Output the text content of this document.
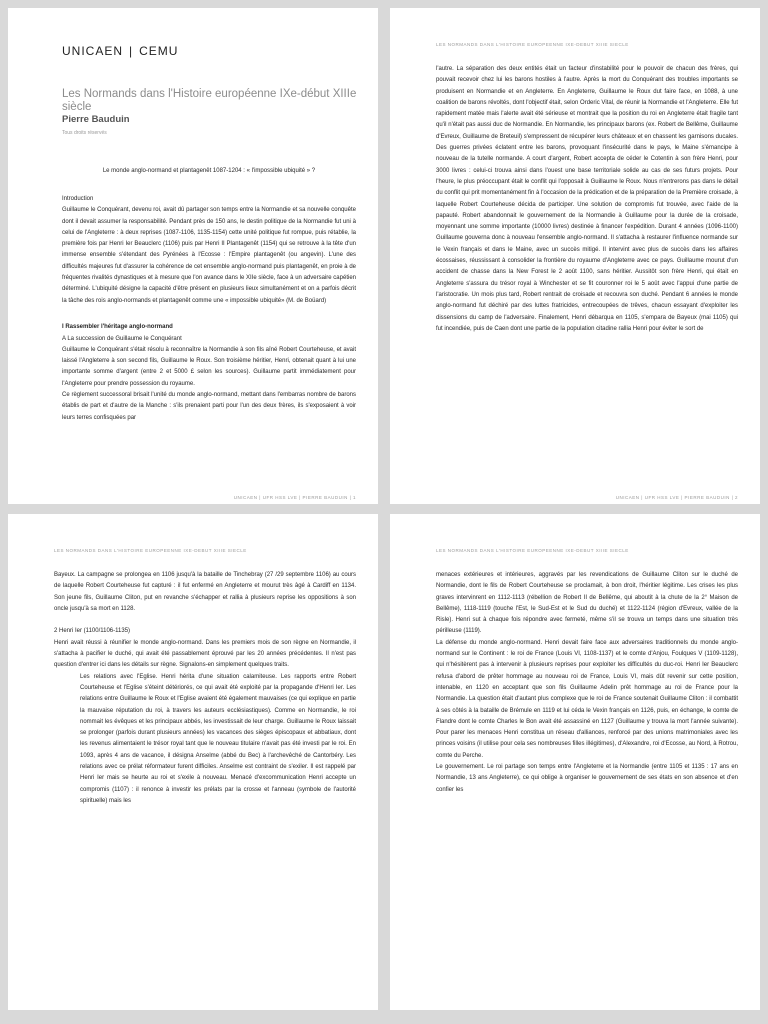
UNICAEN | CEMU
Les Normands dans l'Histoire européenne IXe-début XIIIe siècle
Pierre Bauduin
Tous droits réservés
Le monde anglo-normand et plantagenêt 1087-1204 : « l'impossible ubiquité » ?

Introduction

Guillaume le Conquérant, devenu roi, avait dû partager son temps entre la Normandie et sa nouvelle conquête dont il devait assumer la responsabilité. Pendant près de 150 ans, le destin politique de la Normandie fut uni à celui de l'Angleterre : à deux reprises (1087-1106, 1135-1154) cette unité politique fut rompue, puis rétablie, la première fois par Henri Ier Beauclerc (1106) puis par Henri II Plantagenêt (1154) qui se retrouve à la tête d'un immense ensemble s'étendant des Pyrénées à l'Ecosse : l'Empire plantagenêt (ou angevin). L'une des difficultés majeures fut d'assurer la cohérence de cet ensemble anglo-normand puis plantagenêt, en proie à de fréquentes rivalités dynastiques et à mesure que l'on avance dans le XIIe siècle, face à un adversaire capétien déterminé. L'ubiquité désigne la capacité d'être présent en plusieurs lieux simultanément et on a parfois décrit la tâche des rois anglo-normands et plantagenêt comme une « impossible ubiquité» (M. de Boüard)

I Rassembler l'héritage anglo-normand

A La succession de Guillaume le Conquérant

Guillaume le Conquérant s'était résolu à reconnaître la Normandie à son fils aîné Robert Courteheuse, et avait laissé l'Angleterre à son second fils, Guillaume le Roux. Son troisième héritier, Henri, obtenait quant à lui une importante somme d'argent (entre 2 et 5000 £ selon les sources). Guillaume partit immédiatement pour l'Angleterre pour prendre possession du royaume.

Ce règlement successoral brisait l'unité du monde anglo-normand, mettant dans l'embarras nombre de barons établis de part et d'autre de la Manche : s'ils prenaient parti pour l'un des deux frères, ils s'exposaient à voir leurs terres confisquées par

UNICAEN | UFR HSS LVE | PIERRE BAUDUIN | 1
LES NORMANDS DANS L'HISTOIRE EUROPEENNE IXE-DEBUT XIIIE SIECLE

l'autre. La séparation des deux entités était un facteur d'instabilité pour le pouvoir de chacun des frères, qui pouvait recevoir chez lui les barons hostiles à l'autre. Après la mort du Conquérant des troubles importants se produisent en Normandie et en Angleterre. En Angleterre, Guillaume le Roux dut faire face, en 1088, à une coalition de barons révoltés, dont l'objectif était, selon Orderic Vital, de réunir la Normandie et l'Angleterre. Elle fut rapidement matée mais l'alerte avait été sérieuse et montrait que la position du roi en Angleterre était fragile tant qu'il n'était pas aussi duc de Normandie. En Normandie, les principaux barons (ex. Robert de Bellême, Guillaume d'Evreux, Guillaume de Breteuil) s'empressent de récupérer leurs châteaux et en chassent les garnisons ducales. Des guerres privées éclatent entre les barons, provoquant l'insécurité dans le pays, le Maine s'émancipe à nouveau de la tutelle normande. A court d'argent, Robert accepta de céder le Cotentin à son frère Henri, pour 3000 livres : celui-ci trouva ainsi dans l'ouest une base territoriale solide au cas de ses futurs projets. Pour l'heure, le plus préoccupant était le conflit qui l'opposait à Guillaume le Roux. Nous n'entrerons pas dans le détail du conflit qui prit momentanément fin à l'occasion de la prédication et de la préparation de la Première croisade, à laquelle Robert Courteheuse décida de participer. Une solution de compromis fut trouvée, avec l'aide de la papauté. Robert abandonnait le gouvernement de la Normandie à Guillaume pour la durée de la croisade, moyennant une somme importante (10000 livres) destinée à financer l'expédition. Durant 4 années (1096-1100) Guillaume gouverna donc à nouveau l'ensemble anglo-normand. Il s'attacha à restaurer l'influence normande sur le Vexin français et dans le Maine, avec un succès mitigé. Il intervint avec plus de succès dans les affaires écossaises, réussissant à consolider la frontière du royaume d'Angleterre avec ce pays. Guillaume mourut d'un accident de chasse dans la New Forest le 2 août 1100, sans héritier. Aussitôt son frère Henri, qui était en Angleterre s'assura du trésor royal à Winchester et se fit couronner roi le 5 août avec l'appui d'une partie de l'aristocratie. Un mois plus tard, Robert rentrait de croisade et recouvra son duché. Pendant 6 années le monde anglo-normand fut déchiré par des luttes fratricides, entrecoupées de trêves, chacun essayant d'exploiter les dissensions du camp de l'adversaire. Finalement, Henri débarqua en 1105, s'empara de Bayeux (mai 1105) qui fut incendiée, puis de Caen dont une partie de la population citadine rallia Henri pour éviter le sort de

UNICAEN | UFR HSS LVE | PIERRE BAUDUIN | 2
LES NORMANDS DANS L'HISTOIRE EUROPEENNE IXE-DEBUT XIIIE SIECLE

Bayeux. La campagne se prolongea en 1106 jusqu'à la bataille de Tinchebray (27 /29 septembre 1106) au cours de laquelle Robert Courteheuse fut capturé : il fut enfermé en Angleterre et mourut très âgé à Cardiff en 1134. Son jeune fils, Guillaume Cliton, put en revanche s'échapper et rallia à plusieurs reprise les oppositions à son oncle jusqu'à sa mort en 1128.

2 Henri Ier (1100/1106-1135)

Henri avait réussi à réunifier le monde anglo-normand. Dans les premiers mois de son règne en Normandie, il s'attacha à pacifier le duché, qui avait été passablement éprouvé par les 20 années précédentes. Il n'est pas question d'entrer ici dans les détails sur règne. Signalons-en simplement quelques traits.

Les relations avec l'Eglise. Henri hérita d'une situation calamiteuse. Les rapports entre Robert Courteheuse et l'Eglise s'éteint détériorés, ce qui avait été exploité par la propagande d'Henri Ier. Les relations entre Guillaume le Roux et l'Eglise avaient été également mauvaises (ce qui explique en partie la mauvaise réputation du roi, à travers les auteurs ecclésiastiques). Comme en Normandie, le roi nommait les évêques et les principaux abbés, les investissait de leur charge. Guillaume le Roux laissait se prolonger (parfois durant plusieurs années) les vacances des sièges épiscopaux et abbatiaux, dont les revenus alimentaient le trésor royal tant que le nouveau titulaire n'avait pas été investi par le roi. En 1093, après 4 ans de vacance, il désigna Anselme (abbé du Bec) à l'archevêché de Cantorbéry. Les relations avec ce prélat réformateur furent difficiles. Anselme est contraint de s'exiler. Il est rappelé par Henri Ier mais se heurte au roi et s'exile à nouveau. Menacé d'excommunication Henri accepte un compromis (1107) : il renonce à investir les prélats par la crosse et l'anneau (symbole de l'autorité spirituelle) mais les

LES NORMANDS DANS L'HISTOIRE EUROPEENNE IXE-DEBUT XIIIE SIECLE

menaces extérieures et intérieures, aggravés par les revendications de Guillaume Cliton sur le duché de Normandie, dont le fils de Robert Courteheuse se proclamait, à bon droit, l'héritier légitime. Les crises les plus graves intervinrent en 1112-1113 (rébellion de Robert II de Bellême, qui aboutit à la chute de la 2° Maison de Bellême), 1118-1119 (touche l'Est, le Sud-Est et le Sud du duché) et 1122-1124 (région d'Evreux, vallée de la Risle). Henri sut à chaque fois répondre avec fermeté, même s'il se trouva un temps dans une situation très périlleuse (1119).

La défense du monde anglo-normand. Henri devait faire face aux adversaires traditionnels du monde anglo-normand sur le Continent : le roi de France (Louis VI, 1108-1137) et le comte d'Anjou, Foulques V (1109-1128), qui n'hésitèrent pas à intervenir à plusieurs reprises pour exploiter les difficultés du duc-roi. Henri Ier Beauclerc refusa d'abord de prêter hommage au nouveau roi de France, Louis VI, mais dût revenir sur cette position, intenable, en 1120 en acceptant que son fils Guillaume Adelin prêt hommage au roi de France pour la Normandie. La question était d'autant plus complexe que le roi de France soutenait Guillaume Cliton : il combattit à ses côtés à la bataille de Brémule en 1119 et lui céda le Vexin français en 1126, puis, en échange, le comte de Flandre dont le comte Charles le Bon avait été assassiné en 1127 (Guillaume y trouva la mort l'année suivante). Pour parer les menaces Henri constitua un réseau d'alliances, renforcé par des unions matrimoniales avec les princes voisins (il utilise pour cela ses nombreuses filles illégitimes), d'Alexandre, roi d'Ecosse, au Nord, à Rotrou, comte du Perche.

Le gouvernement. Le roi partage son temps entre l'Angleterre et la Normandie (entre 1105 et 1135 : 17 ans en Normandie, 13 ans Angleterre), ce qui oblige à organiser le gouvernement de ses états en son absence et d'en confier les
